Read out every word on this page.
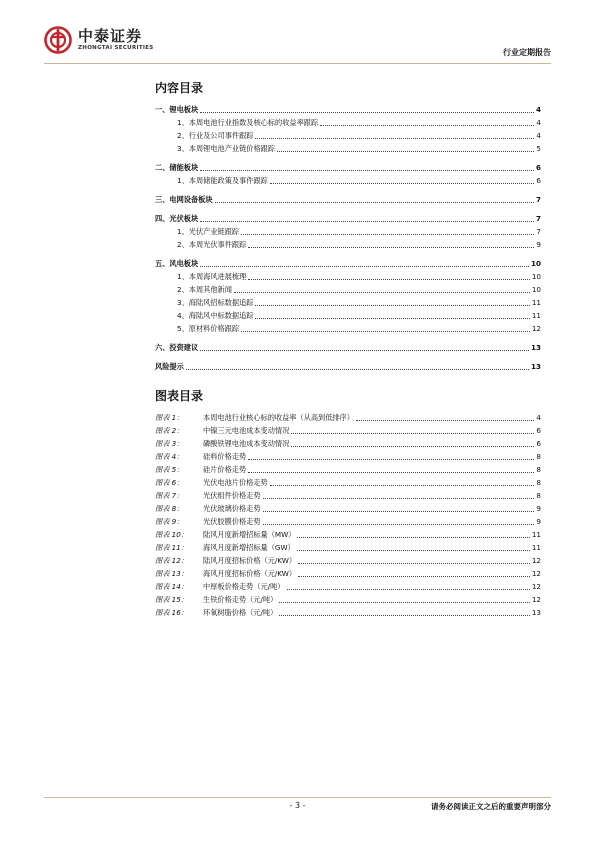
中泰证券
ZHONGTAI SECURITIES	行业定期报告
内容目录
一、锂电板块	4
1、本周电池行业指数及核心标的收益率跟踪	4
2、行业及公司事件跟踪	4
3、本周锂电池产业链价格跟踪	5
二、储能板块	6
1、本周储能政策及事件跟踪	6
三、电网设备板块	7
四、光伏板块	7
1、光伏产业链跟踪	7
2、本周光伏事件跟踪	9
五、风电板块	10
1、本周海风进展梳理	10
2、本周其他新闻	10
3、海陆风招标数据追踪	11
4、海陆风中标数据追踪	11
5、原材料价格跟踪	12
六、投资建议	13
风险提示	13
图表目录
图表 1：	本周电池行业核心标的收益率（从高到低排序）	4
图表 2：	中镍三元电池成本变动情况	6
图表 3：	磷酸铁锂电池成本变动情况	6
图表 4：	硅料价格走势	8
图表 5：	硅片价格走势	8
图表 6：	光伏电池片价格走势	8
图表 7：	光伏组件价格走势	8
图表 8：	光伏玻璃价格走势	9
图表 9：	光伏胶膜价格走势	9
图表 10： 陆风月度新增招标量（MW）	11
图表 11： 海风月度新增招标量（GW）	11
图表 12： 陆风月度招标价格（元/KW）	12
图表 13： 海风月度招标价格（元/KW）	12
图表 14： 中厚板价格走势（元/吨）	12
图表 15： 生铁价格走势（元/吨）	12
图表 16： 环氧树脂价格（元/吨）	13
- 3 -	请务必阅读正文之后的重要声明部分
